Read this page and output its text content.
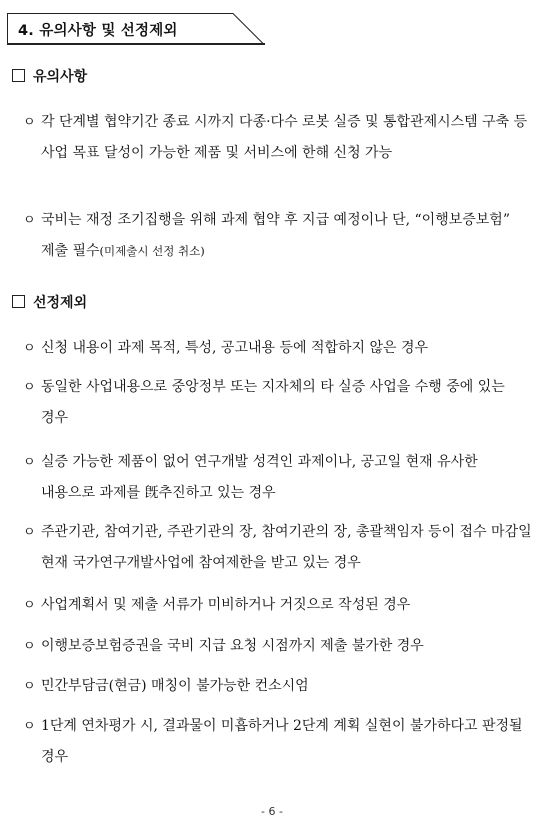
4. 유의사항 및 선정제외
유의사항
ㅇ 각 단계별 협약기간 종료 시까지 다종·다수 로봇 실증 및 통합관제시스템 구축 등 사업 목표 달성이 가능한 제품 및 서비스에 한해 신청 가능
ㅇ 국비는 재정 조기집행을 위해 과제 협약 후 지급 예정이나 단, “이행보증보험” 제출 필수(미제출시 선정 취소)
선정제외
ㅇ 신청 내용이 과제 목적, 특성, 공고내용 등에 적합하지 않은 경우
ㅇ 동일한 사업내용으로 중앙정부 또는 지자체의 타 실증 사업을 수행 중에 있는 경우
ㅇ 실증 가능한 제품이 없어 연구개발 성격인 과제이나, 공고일 현재 유사한 내용으로 과제를 旣추진하고 있는 경우
ㅇ 주관기관, 참여기관, 주관기관의 장, 참여기관의 장, 총괄책임자 등이 접수 마감일 현재 국가연구개발사업에 참여제한을 받고 있는 경우
ㅇ 사업계획서 및 제출 서류가 미비하거나 거짓으로 작성된 경우
ㅇ 이행보증보험증권을 국비 지급 요청 시점까지 제출 불가한 경우
ㅇ 민간부담금(현금) 매칭이 불가능한 컨소시엄
ㅇ 1단계 연차평가 시, 결과물이 미흡하거나 2단계 계획 실현이 불가하다고 판정될 경우
- 6 -
